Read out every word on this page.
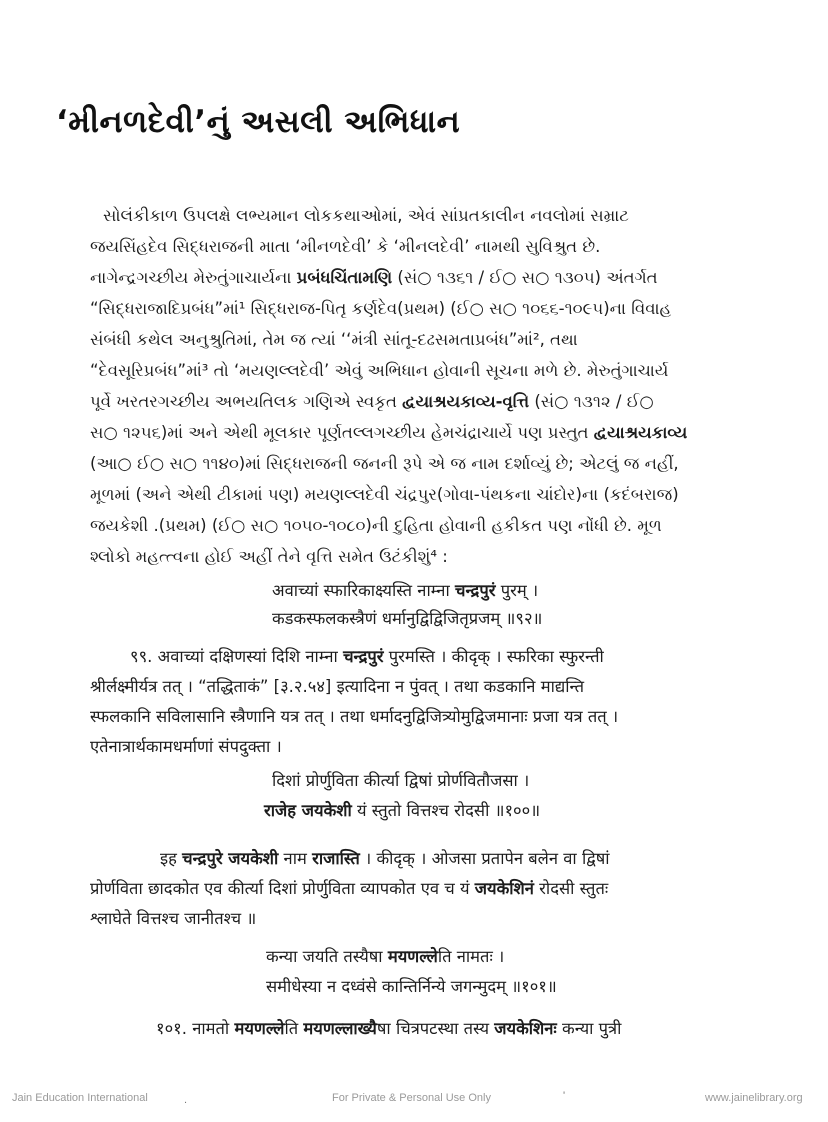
‘મીનળદેવી’નું અસલી અભિધાન
સોલંકીકાળ ઉપલક્ષે લભ્યમાન લોકકથાઓમાં, એવં સાંપ્રતકાલીન નવલોમાં સમ્રાટ
જયસિંહદેવ સિદ્ધરાજની માતા ‘મીનળદેવી’ કે ‘મીનલદેવી’ નામથી સુવિશ્રુત છે.
નાગેન્દ્રગચ્છીય મેરુતુંગાચાર્યના પ્રબંધચિંતામણિ (સં○ ૧૩૬૧ / ઈ○ સ○ ૧૩૦૫) અંતર્ગત
“સિદ્ધરાજાદિપ્રબંધ”માં¹ સિદ્ધરાજ-પિતૃ કર્ણદેવ(પ્રથમ) (ઈ○ સ○ ૧૦૬૬-૧૦૯૫)ના વિવાહ
સંબંધી કથેલ અનુશ્રુતિમાં, તેમ જ ત્યાં ‘‘મંત્રી સાંતૂ-દઢસમતાપ્રબંધ”માં², તથા
“દેવસૂરિપ્રબંધ”માં³ તો ‘મયણલ્લદેવી’ એવું અભિધાન હોવાની સૂચના મળે છે. મેરુતુંગાચાર્ય
પૂર્વે ખરતરગચ્છીય અભયતિલક ગણિએ સ્વકૃત દ્વયાશ્રયકાવ્ય-વૃત્તિ (સં○ ૧૩૧૨ / ઈ○
સ○ ૧૨૫૬)માં અને એથી મૂલકાર પૂર્ણતલ્લગચ્છીય હેમચંદ્રાચાર્યે પણ પ્રસ્તુત દ્વયાશ્રયકાવ્ય
(આ○ ઈ○ સ○ ૧૧૪૦)માં સિદ્ધરાજની જનની રૂપે એ જ નામ દર્શાવ્યું છે; એટલું જ નહીં,
મૂળમાં (અને એથી ટીકામાં પણ) મયણલ્લદેવી ચંદ્રપુર(ગોવા-પંથકના ચાંદોર)ના (કદંબરાજ)
જયકેશી .(પ્રથમ) (ઈ○ સ○ ૧૦૫૦-૧૦૮૦)ની દુહિતા હોવાની હકીકત પણ નોંધી છે. મૂળ
શ્લોકો મહત્ત્વના હોઈ અહીં તેને વૃત્તિ સમેત ઉટંકીશું⁴ :
अवाच्यां स्फारिकाक्ष्यस्ति नाम्ना चन्द्रपुरं पुरम् ।
कडकस्फलकस्त्रैणं धर्मानुद्विद्विजितृप्रजम् ॥९२॥
९९. अवाच्यां दक्षिणस्यां दिशि नाम्ना चन्द्रपुरं पुरमस्ति । कीदृक् । स्फरिका स्फुरन्ती
श्रीर्लक्ष्मीर्यत्र तत् । “तद्धिताकं” [३.२.५४] इत्यादिना न पुंवत् । तथा कडकानि माद्यन्ति
स्फलकानि सविलासानि स्त्रैणानि यत्र तत् । तथा धर्मादनुद्विजित्र्योमुद्विजमानाः प्रजा यत्र तत् ।
एतेनात्रार्थकामधर्माणां संपदुक्ता ।
दिशां प्रोर्णुविता कीर्त्या द्विषां प्रोर्णवितौजसा ।
राजेह जयकेशी यं स्तुतो वित्तश्च रोदसी ॥१००॥
इह चन्द्रपुरे जयकेशी नाम राजास्ति । कीदृक् । ओजसा प्रतापेन बलेन वा द्विषां
प्रोर्णविता छादकोत एव कीर्त्या दिशां प्रोर्णुविता व्यापकोत एव च यं जयकेशिनं रोदसी स्तुतः
श्लाघेते वित्तश्च जानीतश्च ॥
कन्या जयति तस्यैषा मयणल्लेति नामतः ।
समीधेस्या न दध्वंसे कान्तिर्निन्ये जगन्मुदम् ॥१०१॥
१०१. नामतो मयणल्लेति मयणल्लाख्यैषा चित्रपटस्था तस्य जयकेशिनः कन्या पुत्री
Jain Education International	.	For Private & Personal Use Only	'	www.jainelibrary.org
